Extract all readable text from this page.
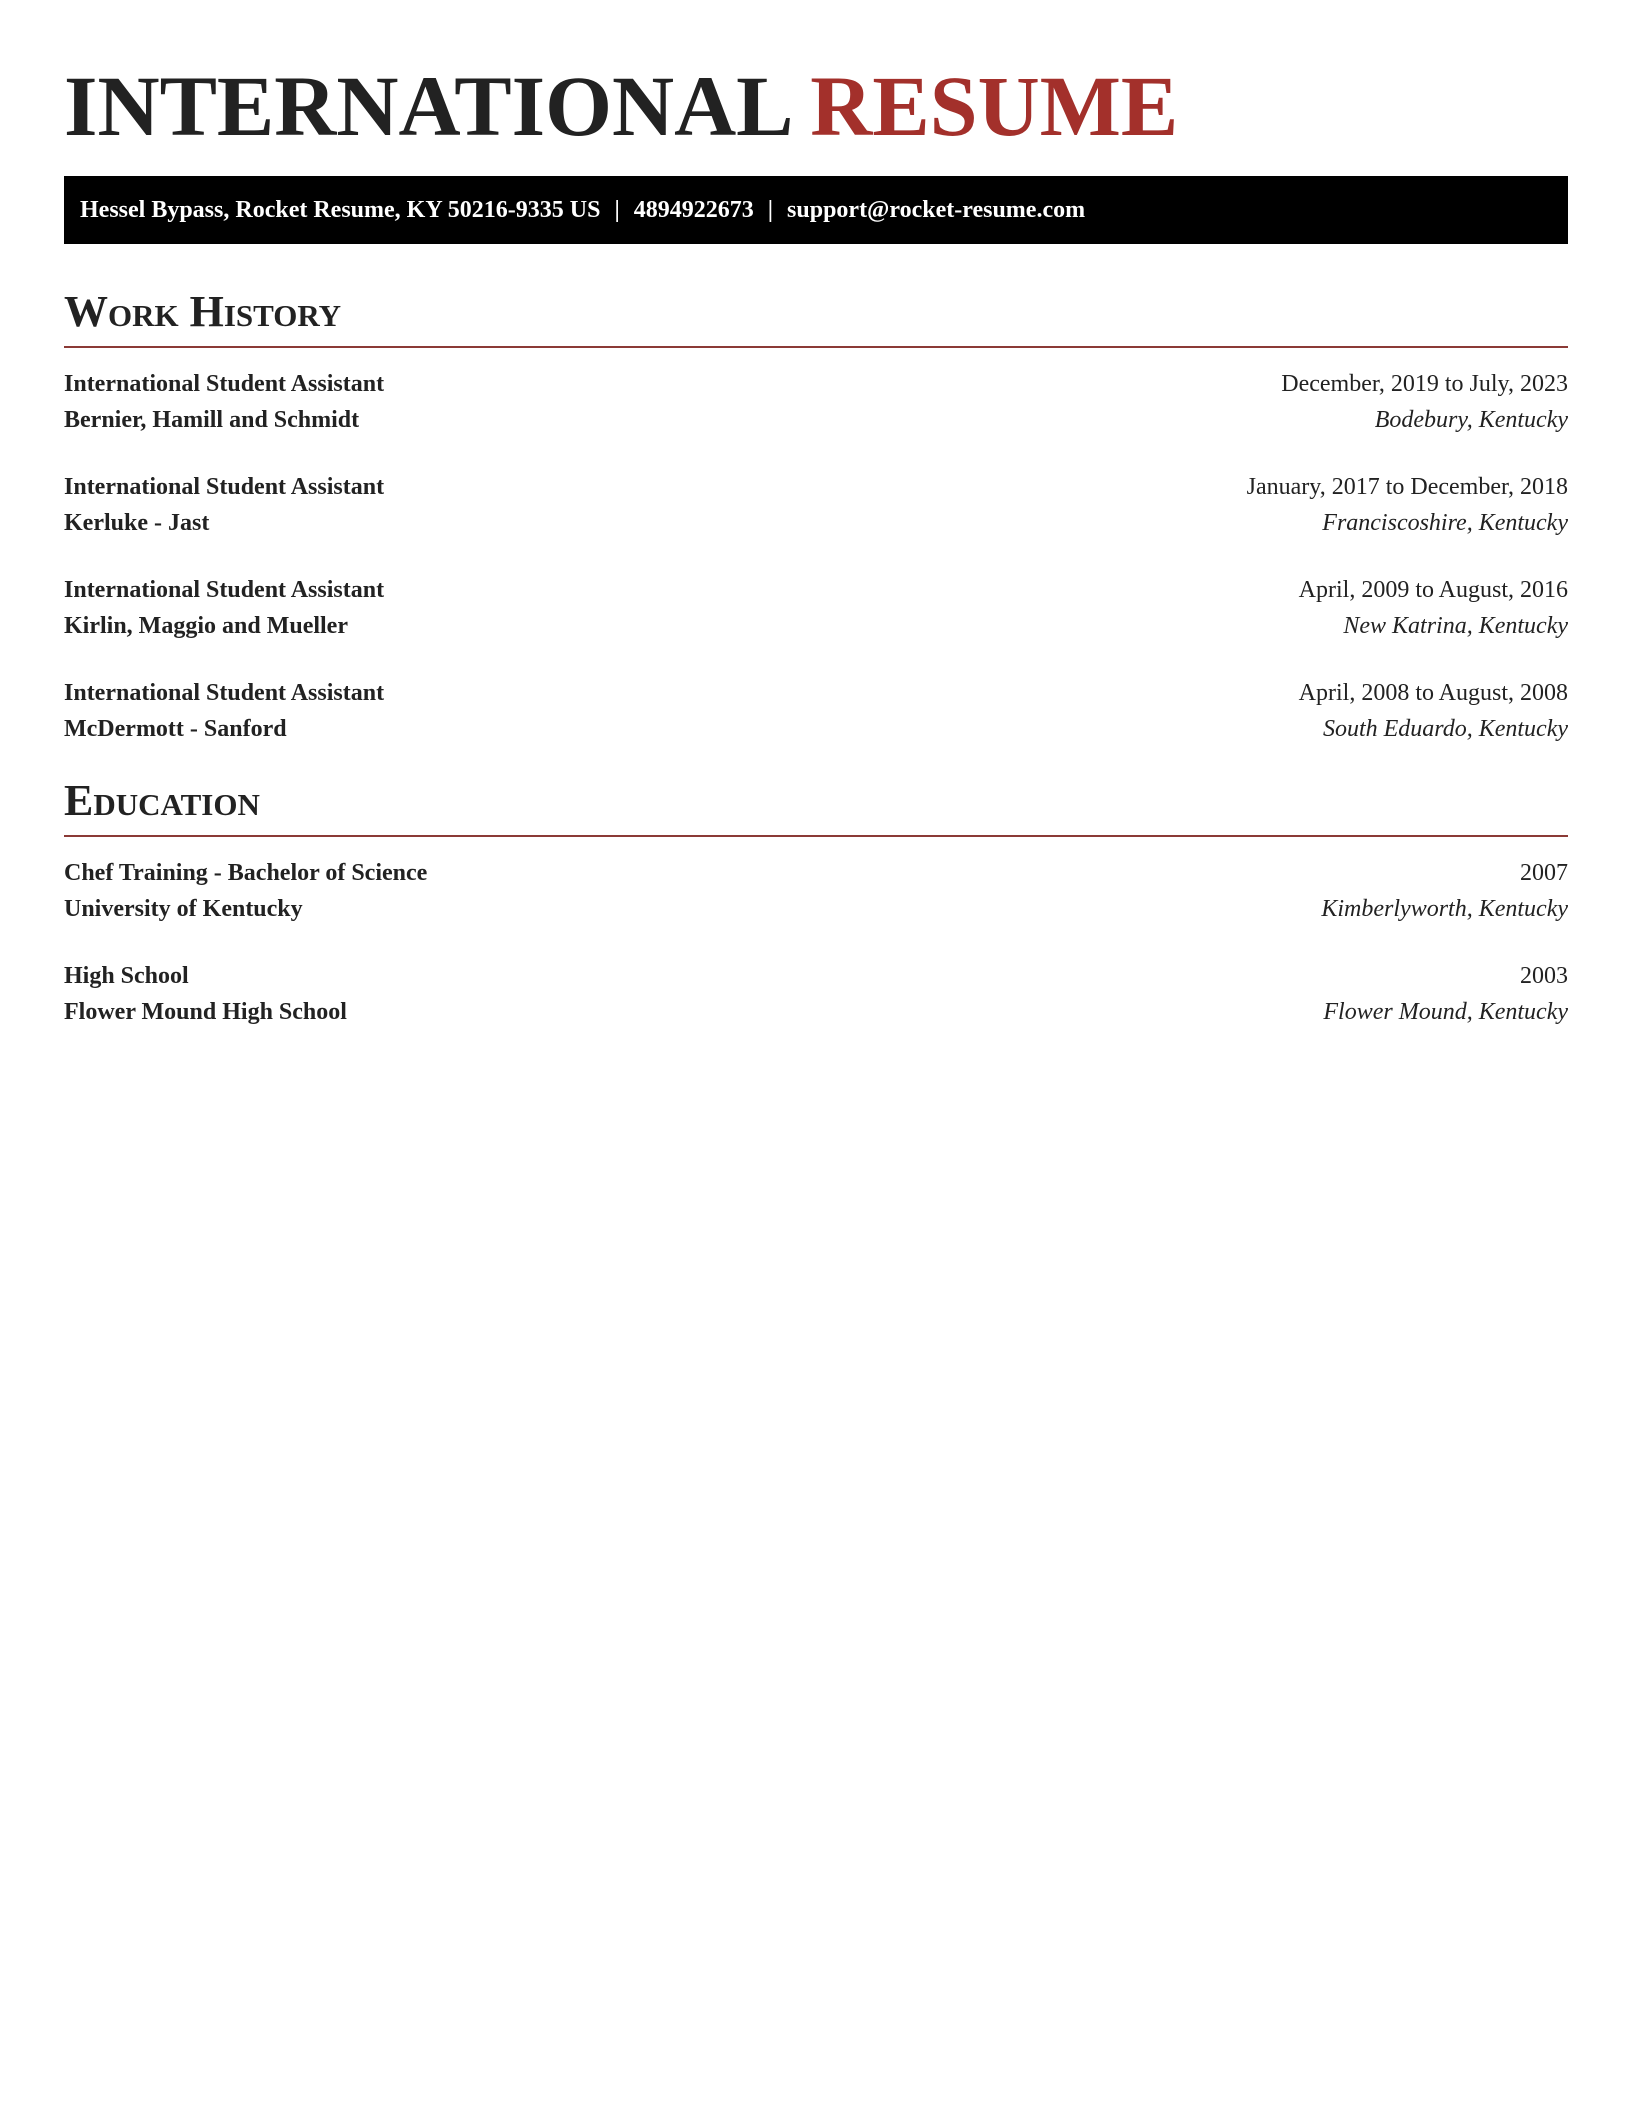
INTERNATIONAL RESUME
Hessel Bypass, Rocket Resume, KY 50216-9335 US | 4894922673 | support@rocket-resume.com
Work History
International Student Assistant	December, 2019 to July, 2023
Bernier, Hamill and Schmidt	Bodebury, Kentucky
International Student Assistant	January, 2017 to December, 2018
Kerluke - Jast	Franciscoshire, Kentucky
International Student Assistant	April, 2009 to August, 2016
Kirlin, Maggio and Mueller	New Katrina, Kentucky
International Student Assistant	April, 2008 to August, 2008
McDermott - Sanford	South Eduardo, Kentucky
Education
Chef Training - Bachelor of Science	2007
University of Kentucky	Kimberlyworth, Kentucky
High School	2003
Flower Mound High School	Flower Mound, Kentucky
